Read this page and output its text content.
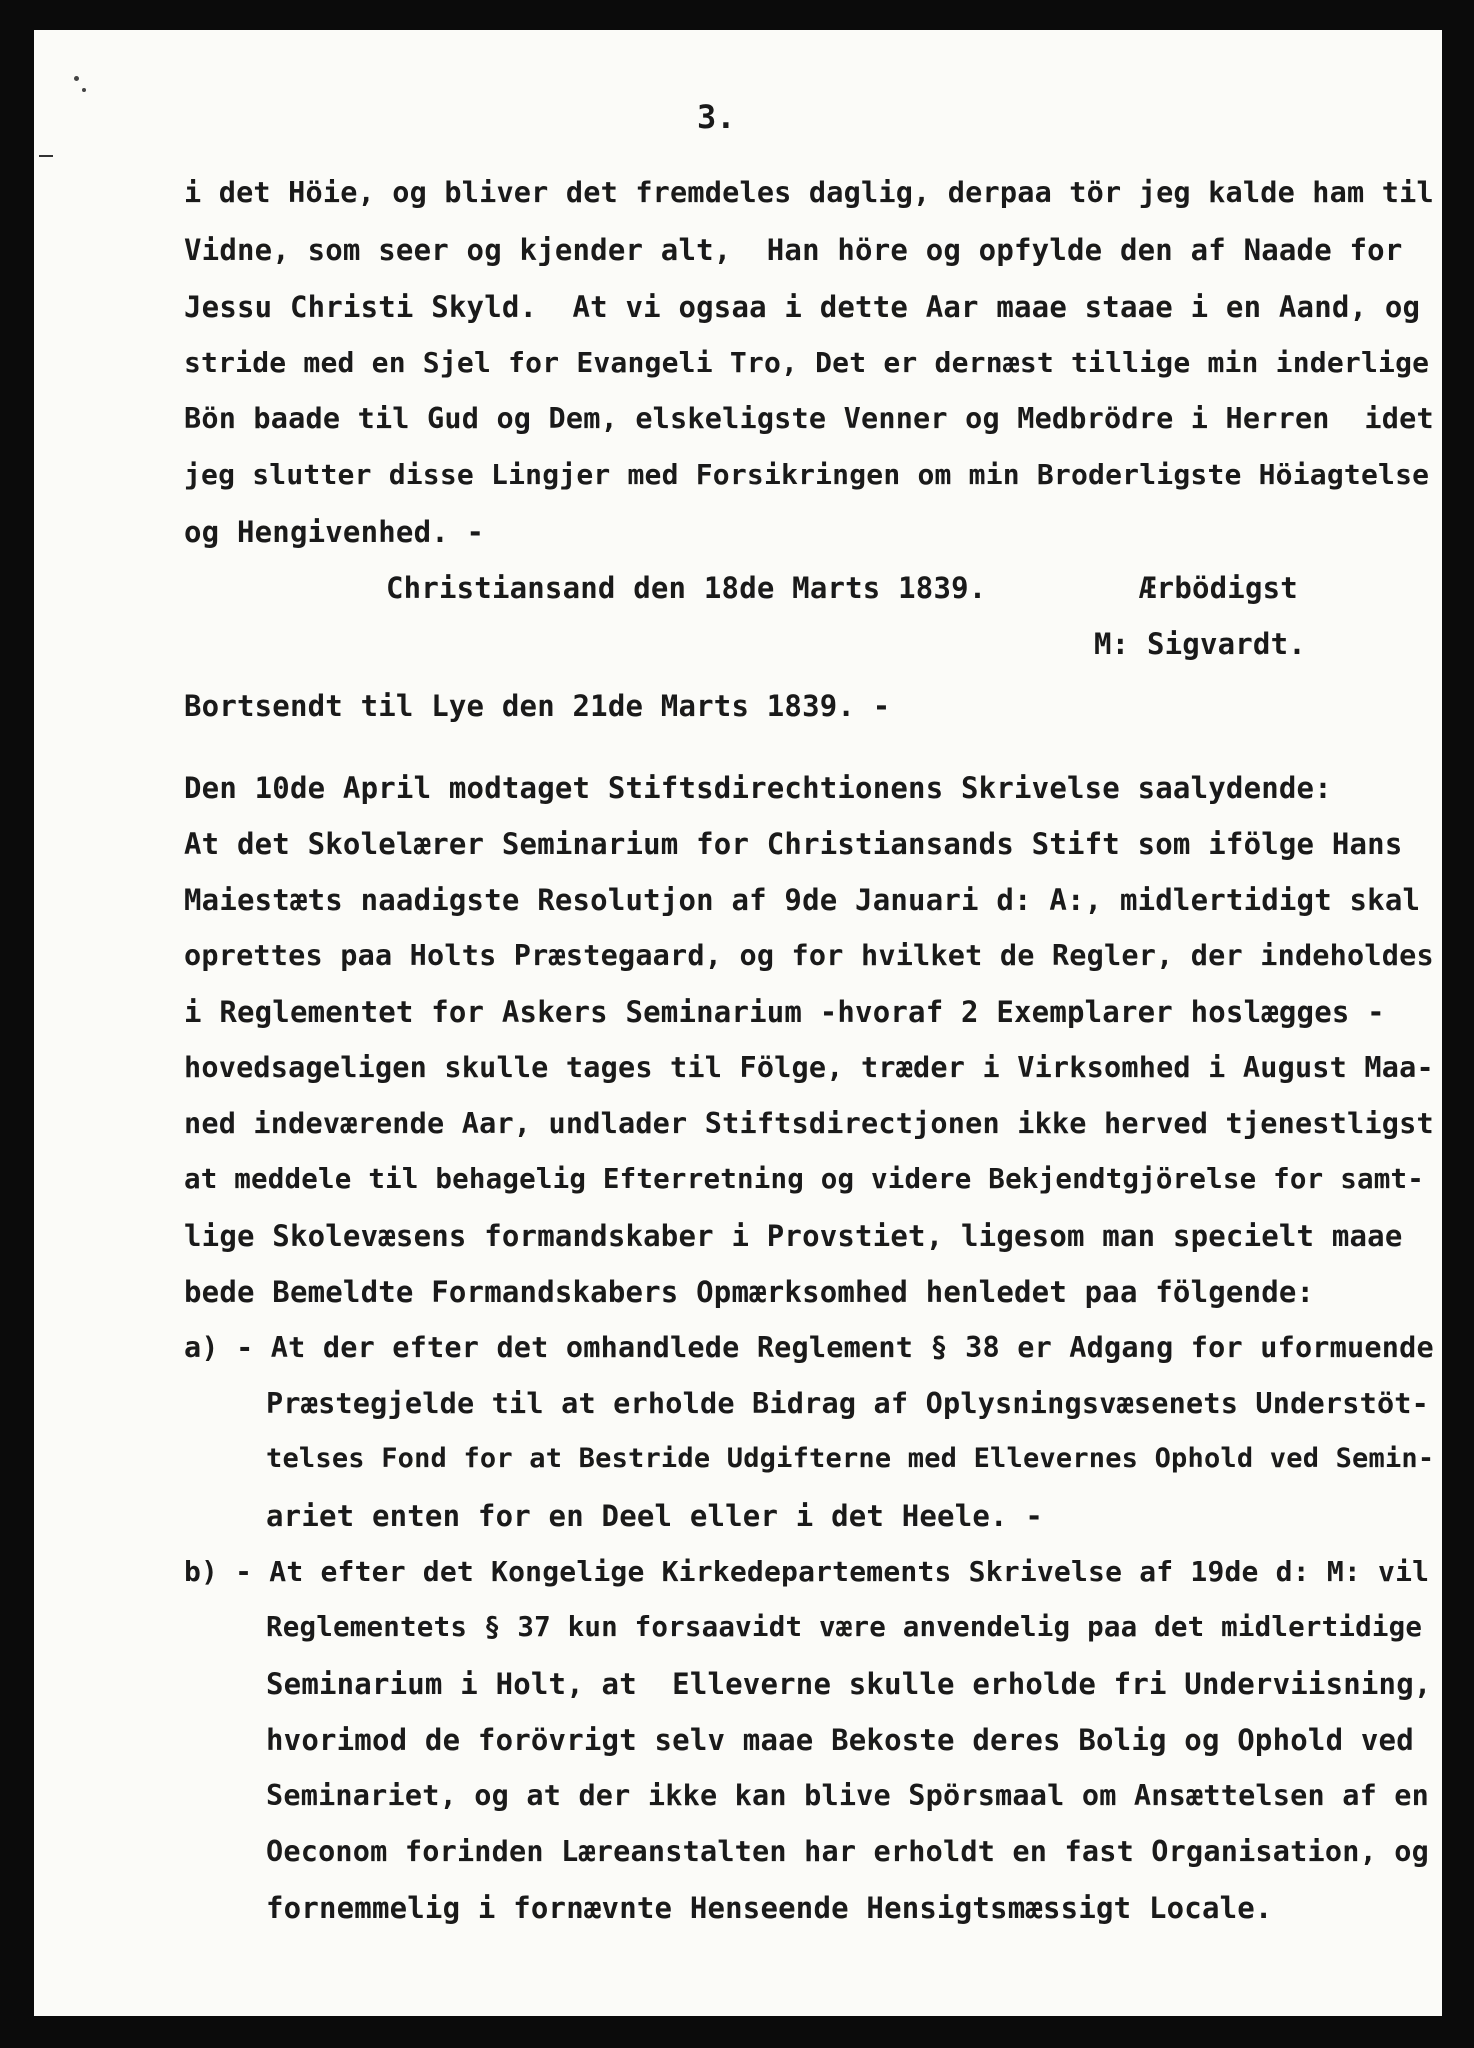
3.
i det Höie, og bliver det fremdeles daglig, derpaa tör jeg kalde ham til
Vidne, som seer og kjender alt,  Han höre og opfylde den af Naade for
Jessu Christi Skyld.  At vi ogsaa i dette Aar maae staae i en Aand, og
stride med en Sjel for Evangeli Tro, Det er dernæst tillige min inderlige
Bön baade til Gud og Dem, elskeligste Venner og Medbrödre i Herren  idet
jeg slutter disse Lingjer med Forsikringen om min Broderligste Höiagtelse
og Hengivenhed. -
Christiansand den 18de Marts 1839.	Ærbödigst
M: Sigvardt.
Bortsendt til Lye den 21de Marts 1839. -
Den 10de April modtaget Stiftsdirechtionens Skrivelse saalydende:
At det Skolelærer Seminarium for Christiansands Stift som ifölge Hans
Maiestæts naadigste Resolutjon af 9de Januari d: A:, midlertidigt skal
oprettes paa Holts Præstegaard, og for hvilket de Regler, der indeholdes
i Reglementet for Askers Seminarium -hvoraf 2 Exemplarer hoslægges -
hovedsageligen skulle tages til Fölge, træder i Virksomhed i August Maa-
ned indeværende Aar, undlader Stiftsdirectjonen ikke herved tjenestligst
at meddele til behagelig Efterretning og videre Bekjendtgjörelse for samt-
lige Skolevæsens formandskaber i Provstiet, ligesom man specielt maae
bede Bemeldte Formandskabers Opmærksomhed henledet paa fölgende:
a) - At der efter det omhandlede Reglement § 38 er Adgang for uformuende
Præstegjelde til at erholde Bidrag af Oplysningsvæsenets Understöt-
telses Fond for at Bestride Udgifterne med Ellevernes Ophold ved Semin-
ariet enten for en Deel eller i det Heele. -
b) - At efter det Kongelige Kirkedepartements Skrivelse af 19de d: M: vil
Reglementets § 37 kun forsaavidt være anvendelig paa det midlertidige
Seminarium i Holt, at  Elleverne skulle erholde fri Underviisning,
hvorimod de forövrigt selv maae Bekoste deres Bolig og Ophold ved
Seminariet, og at der ikke kan blive Spörsmaal om Ansættelsen af en
Oeconom forinden Læreanstalten har erholdt en fast Organisation, og
fornemmelig i fornævnte Henseende Hensigtsmæssigt Locale.
